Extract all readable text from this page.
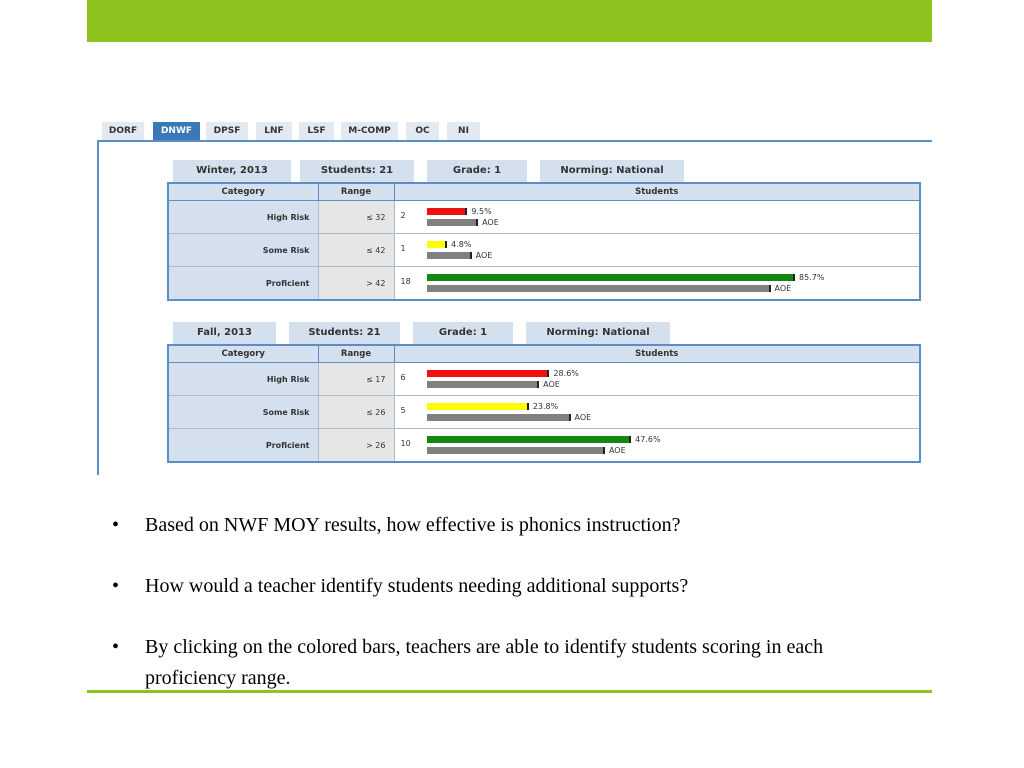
DORF	DNWF	DPSF	LNF	LSF	M-COMP	OC	NI
Winter, 2013	Students: 21	Grade: 1	Norming: National
Category	Range	Students
High Risk	≤ 32	2 9.5%
AOE

Some Risk	≤ 42	1 4.8%
AOE

Proficient	> 42	18 85.7%
AOE
Fall, 2013	Students: 21	Grade: 1	Norming: National
Category	Range	Students
High Risk	≤ 17	6 28.6%
AOE

Some Risk	≤ 26	5 23.8%
AOE

Proficient	> 26	10 47.6%
AOE
• Based on NWF MOY results, how effective is phonics instruction?
• How would a teacher identify students needing additional supports?
• By clicking on the colored bars, teachers are able to identify students scoring in each proficiency range.
